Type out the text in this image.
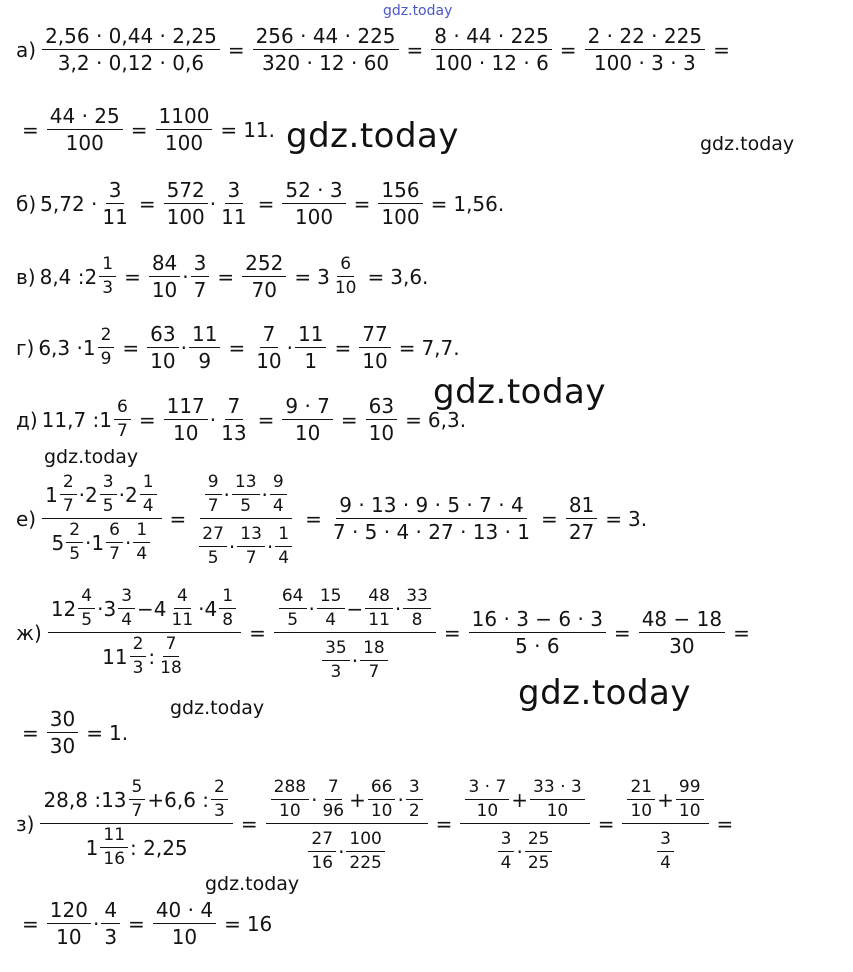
$а) \frac{2,56 \cdot 0,44 \cdot 2,25}{3,2 \cdot 0,12 \cdot 0,6} = \frac{256 \cdot 44 \cdot 225}{320 \cdot 12 \cdot 60} = \frac{8 \cdot 44 \cdot 225}{100 \cdot 12 \cdot 6} = \frac{2 \cdot 22 \cdot 225}{100 \cdot 3 \cdot 3}$ =
= $\frac{44 \cdot 25}{100} = \frac{1100}{100} = 11$.
б) $5,72 \cdot \frac{3}{11} = \frac{572}{100} \cdot \frac{3}{11} = \frac{52 \cdot 3}{100} = \frac{156}{100} = 1,56$.
в) 8,4 : $2 \frac{1}{3} = \frac{84}{10} \cdot \frac{3}{7} = \frac{252}{70} = 3 \frac{6}{10} = 3,6$.
г) $6,3 \cdot 1 \frac{2}{9} = \frac{63}{10} \cdot \frac{11}{9} = \frac{7}{10} \cdot \frac{11}{1} = \frac{77}{10} = 7,7$.
д) 11,7 : $1 \frac{6}{7} = \frac{117}{10} \cdot \frac{7}{13} = \frac{9 \cdot 7}{10} = \frac{63}{10} = 6,3$.
$е) \frac{1 \frac{2}{7} \cdot 2 \frac{3}{5} \cdot 2 \frac{1}{4}}{5 \frac{2}{5} \cdot 1 \frac{6}{7} \cdot \frac{1}{4}} = \frac{\frac{9}{7} \cdot \frac{13}{5} \cdot \frac{9}{4}}{\frac{27}{5} \cdot \frac{13}{7} \cdot \frac{1}{4}} = \frac{9 \cdot 13 \cdot 9 \cdot 5 \cdot 7 \cdot 4}{7 \cdot 5 \cdot 4 \cdot 27 \cdot 13 \cdot 1} = \frac{81}{27} = 3$.
$ж) \frac{12 \frac{4}{5} \cdot 3 \frac{3}{4} - 4 \frac{4}{11} \cdot 4 \frac{1}{8}}{11 \frac{2}{3} : \frac{7}{18}} = \frac{\frac{64}{5} \cdot \frac{15}{4} - \frac{48}{11} \cdot \frac{33}{8}}{\frac{35}{3} \cdot \frac{18}{7}} = \frac{16 \cdot 3 - 6 \cdot 3}{5 \cdot 6} = \frac{48 - 18}{30}$ =
= $\frac{30}{30} = 1$.
$з) \frac{28,8 : 13 \frac{5}{7} + 6,6 : \frac{2}{3}}{1 \frac{11}{16} : 2,25} = \frac{\frac{288}{10} \cdot \frac{7}{96} + \frac{66}{10} \cdot \frac{3}{2}}{\frac{27}{16} \cdot \frac{100}{225}} = \frac{\frac{3 \cdot 7}{10} + \frac{33 \cdot 3}{10}}{\frac{3}{4} \cdot \frac{25}{25}} = \frac{\frac{21}{10} + \frac{99}{10}}{\frac{3}{4}}$ =
= $\frac{120}{10} \cdot \frac{4}{3} = \frac{40 \cdot 4}{10} = 16$
gdz.today
gdz.today	gdz.today
gdz.today
gdz.today
gdz.today
gdz.today
gdz.today
